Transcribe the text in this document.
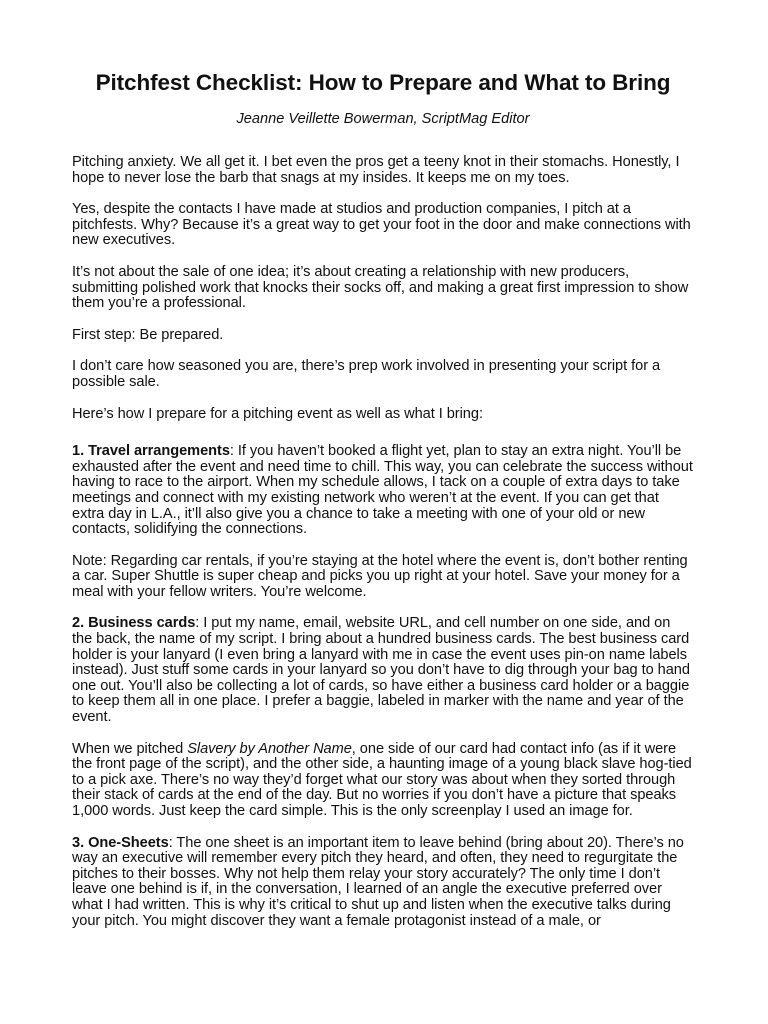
Pitchfest Checklist: How to Prepare and What to Bring
Jeanne Veillette Bowerman, ScriptMag Editor

Pitching anxiety. We all get it. I bet even the pros get a teeny knot in their stomachs. Honestly, I hope to never lose the barb that snags at my insides. It keeps me on my toes.

Yes, despite the contacts I have made at studios and production companies, I pitch at a pitchfests. Why? Because it’s a great way to get your foot in the door and make connections with new executives.

It’s not about the sale of one idea; it’s about creating a relationship with new producers, submitting polished work that knocks their socks off, and making a great first impression to show them you’re a professional.

First step: Be prepared.

I don’t care how seasoned you are, there’s prep work involved in presenting your script for a possible sale.

Here’s how I prepare for a pitching event as well as what I bring:

1. Travel arrangements: If you haven’t booked a flight yet, plan to stay an extra night. You’ll be exhausted after the event and need time to chill. This way, you can celebrate the success without having to race to the airport. When my schedule allows, I tack on a couple of extra days to take meetings and connect with my existing network who weren’t at the event. If you can get that extra day in L.A., it’ll also give you a chance to take a meeting with one of your old or new contacts, solidifying the connections.

Note: Regarding car rentals, if you’re staying at the hotel where the event is, don’t bother renting a car. Super Shuttle is super cheap and picks you up right at your hotel. Save your money for a meal with your fellow writers. You’re welcome.

2. Business cards: I put my name, email, website URL, and cell number on one side, and on the back, the name of my script. I bring about a hundred business cards. The best business card holder is your lanyard (I even bring a lanyard with me in case the event uses pin-on name labels instead). Just stuff some cards in your lanyard so you don’t have to dig through your bag to hand one out. You’ll also be collecting a lot of cards, so have either a business card holder or a baggie to keep them all in one place. I prefer a baggie, labeled in marker with the name and year of the event.

When we pitched Slavery by Another Name, one side of our card had contact info (as if it were the front page of the script), and the other side, a haunting image of a young black slave hog-tied to a pick axe. There’s no way they’d forget what our story was about when they sorted through their stack of cards at the end of the day. But no worries if you don’t have a picture that speaks 1,000 words. Just keep the card simple. This is the only screenplay I used an image for.

3. One-Sheets: The one sheet is an important item to leave behind (bring about 20). There’s no way an executive will remember every pitch they heard, and often, they need to regurgitate the pitches to their bosses. Why not help them relay your story accurately? The only time I don’t leave one behind is if, in the conversation, I learned of an angle the executive preferred over what I had written. This is why it’s critical to shut up and listen when the executive talks during your pitch. You might discover they want a female protagonist instead of a male, or
